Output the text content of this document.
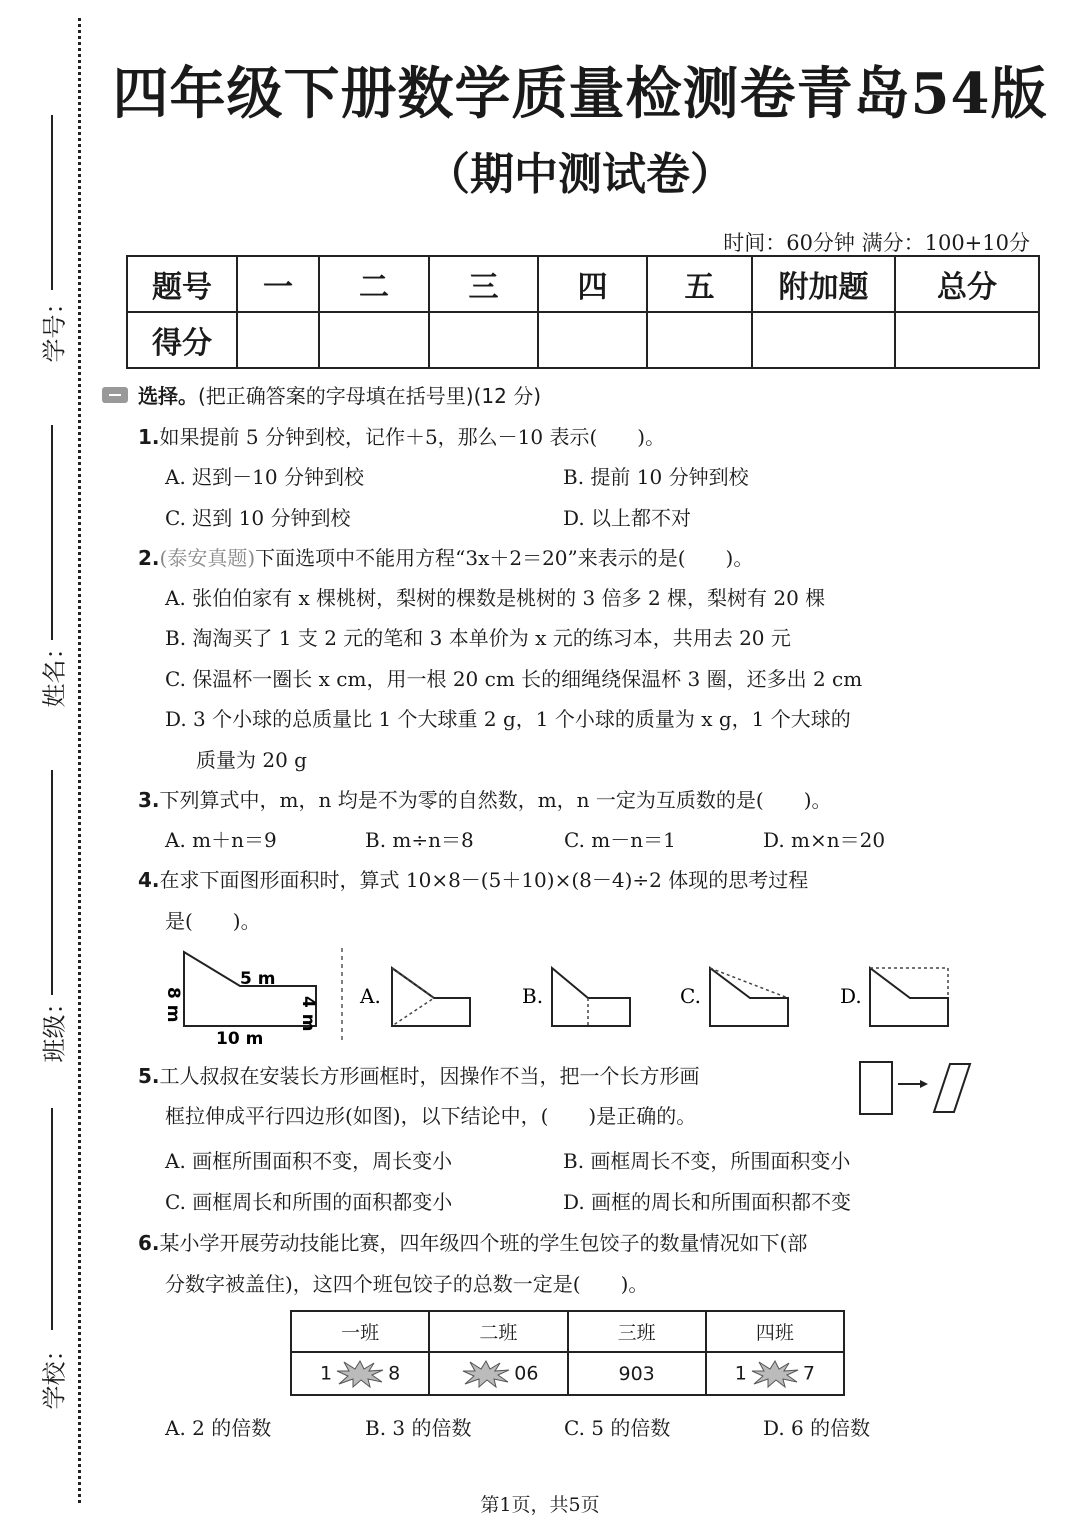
学号：
姓名：
班级：
学校：
四年级下册数学质量检测卷青岛54版
（期中测试卷）
时间：60分钟 满分：100+10分
题号	一	二	三	四	五	附加题	总分
得分							
选择。 (把正确答案的字母填在括号里)(12 分)
1.如果提前 5 分钟到校，记作＋5，那么－10 表示(　　)。
A. 迟到－10 分钟到校	B. 提前 10 分钟到校
C. 迟到 10 分钟到校	D. 以上都不对
2.(泰安真题)下面选项中不能用方程“3x＋2＝20”来表示的是(　　)。
A. 张伯伯家有 x 棵桃树，梨树的棵数是桃树的 3 倍多 2 棵，梨树有 20 棵
B. 淘淘买了 1 支 2 元的笔和 3 本单价为 x 元的练习本，共用去 20 元
C. 保温杯一圈长 x cm，用一根 20 cm 长的细绳绕保温杯 3 圈，还多出 2 cm
D. 3 个小球的总质量比 1 个大球重 2 g，1 个小球的质量为 x g，1 个大球的
质量为 20 g
3.下列算式中，m，n 均是不为零的自然数，m，n 一定为互质数的是(　　)。
A. m＋n＝9	B. m÷n＝8	C. m－n＝1	D. m×n＝20
4.在求下面图形面积时，算式 10×8－(5＋10)×(8－4)÷2 体现的思考过程
是(　　)。
8 m
5 m
4 m
10 m
A.	B.	C.	D.
5.工人叔叔在安装长方形画框时，因操作不当，把一个长方形画
框拉伸成平行四边形(如图)，以下结论中，(　　)是正确的。
A. 画框所围面积不变，周长变小	B. 画框周长不变，所围面积变小
C. 画框周长和所围的面积都变小	D. 画框的周长和所围面积都不变
6.某小学开展劳动技能比赛，四年级四个班的学生包饺子的数量情况如下(部
分数字被盖住)，这四个班包饺子的总数一定是(　　)。
一班	二班	三班	四班
1 8	06	903	1 7
A. 2 的倍数	B. 3 的倍数	C. 5 的倍数	D. 6 的倍数
第1页，共5页
